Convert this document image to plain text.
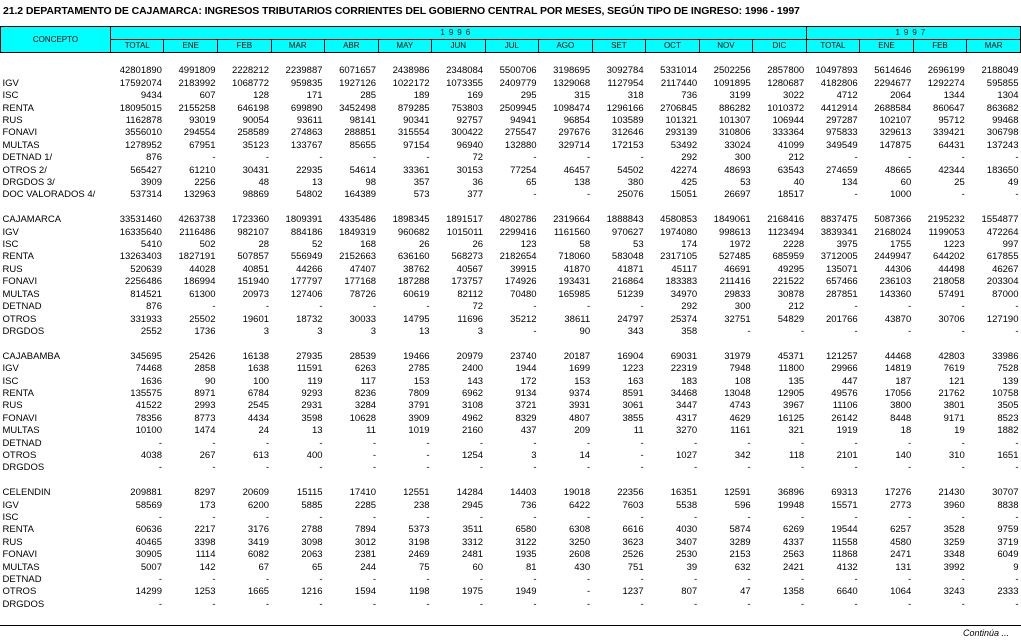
21.2 DEPARTAMENTO DE CAJAMARCA: INGRESOS TRIBUTARIOS CORRIENTES DEL GOBIERNO CENTRAL POR MESES, SEGÚN TIPO DE INGRESO: 1996 - 1997
CONCEPTO	1996													1997			
	TOTAL	ENE	FEB	MAR	ABR	MAY	JUN	JUL	AGO	SET	OCT	NOV	DIC	TOTAL	ENE	FEB	MAR

	42801890	4991809	2228212	2239887	6071657	2438986	2348084	5500706	3198695	3092784	5331014	2502256	2857800	10497893	5614646	2696199	2188049
IGV	17592074	2183992	1068772	959835	1927126	1022172	1073355	2409779	1329068	1127954	2117440	1091895	1280687	4182806	2294677	1292274	595855
ISC	9434	607	128	171	285	189	169	295	315	318	736	3199	3022	4712	2064	1344	1304
RENTA	18095015	2155258	646198	699890	3452498	879285	753803	2509945	1098474	1296166	2706845	886282	1010372	4412914	2688584	860647	863682
RUS	1162878	93019	90054	93611	98141	90341	92757	94941	96854	103589	101321	101307	106944	297287	102107	95712	99468
FONAVI	3556010	294554	258589	274863	288851	315554	300422	275547	297676	312646	293139	310806	333364	975833	329613	339421	306798
MULTAS	1278952	67951	35123	133767	85655	97154	96940	132880	329714	172153	53492	33024	41099	349549	147875	64431	137243
DETNAD 1/	876	-	-	-	-	-	72	-	-	-	292	300	212	-	-	-	-
OTROS 2/	565427	61210	30431	22935	54614	33361	30153	77254	46457	54502	42274	48693	63543	274659	48665	42344	183650
DRGDOS 3/	3909	2256	48	13	98	357	36	65	138	380	425	53	40	134	60	25	49
DOC VALORADOS 4/	537314	132963	98869	54802	164389	573	377	-	-	25076	15051	26697	18517	-	1000	-	-

CAJAMARCA	33531460	4263738	1723360	1809391	4335486	1898345	1891517	4802786	2319664	1888843	4580853	1849061	2168416	8837475	5087366	2195232	1554877
IGV	16335640	2116486	982107	884186	1849319	960682	1015011	2299416	1161560	970627	1974080	998613	1123494	3839341	2168024	1199053	472264
ISC	5410	502	28	52	168	26	26	123	58	53	174	1972	2228	3975	1755	1223	997
RENTA	13263403	1827191	507857	556949	2152663	636160	568273	2182654	718060	583048	2317105	527485	685959	3712005	2449947	644202	617855
RUS	520639	44028	40851	44266	47407	38762	40567	39915	41870	41871	45117	46691	49295	135071	44306	44498	46267
FONAVI	2256486	186994	151940	177797	177168	187288	173757	174926	193431	216864	183383	211416	221522	657466	236103	218058	203304
MULTAS	814521	61300	20973	127406	78726	60619	82112	70480	165985	51239	34970	29833	30878	287851	143360	57491	87000
DETNAD	876	-	-	-	-	-	72	-	-	-	292	300	212	-	-	-	-
OTROS	331933	25502	19601	18732	30033	14795	11696	35212	38611	24797	25374	32751	54829	201766	43870	30706	127190
DRGDOS	2552	1736	3	3	3	13	3	-	90	343	358	-	-	-	-	-	-

CAJABAMBA	345695	25426	16138	27935	28539	19466	20979	23740	20187	16904	69031	31979	45371	121257	44468	42803	33986
IGV	74468	2858	1638	11591	6263	2785	2400	1944	1699	1223	22319	7948	11800	29966	14819	7619	7528
ISC	1636	90	100	119	117	153	143	172	153	163	183	108	135	447	187	121	139
RENTA	135575	8971	6784	9293	8236	7809	6962	9134	9374	8591	34468	13048	12905	49576	17056	21762	10758
RUS	41522	2993	2545	2931	3284	3791	3108	3721	3931	3061	3447	4743	3967	11106	3800	3801	3505
FONAVI	78356	8773	4434	3598	10628	3909	4962	8329	4807	3855	4317	4629	16125	26142	8448	9171	8523
MULTAS	10100	1474	24	13	11	1019	2160	437	209	11	3270	1161	321	1919	18	19	1882
DETNAD	-	-	-	-	-	-	-	-	-	-	-	-	-	-	-	-	-
OTROS	4038	267	613	400	-	-	1254	3	14	-	1027	342	118	2101	140	310	1651
DRGDOS	-	-	-	-	-	-	-	-	-	-	-	-	-	-	-	-	-

CELENDIN	209881	8297	20609	15115	17410	12551	14284	14403	19018	22356	16351	12591	36896	69313	17276	21430	30707
IGV	58569	173	6200	5885	2285	238	2945	736	6422	7603	5538	596	19948	15571	2773	3960	8838
ISC	-	-	-	-	-	-	-	-	-	-	-	-	-	-	-	-	-
RENTA	60636	2217	3176	2788	7894	5373	3511	6580	6308	6616	4030	5874	6269	19544	6257	3528	9759
RUS	40465	3398	3419	3098	3012	3198	3312	3122	3250	3623	3407	3289	4337	11558	4580	3259	3719
FONAVI	30905	1114	6082	2063	2381	2469	2481	1935	2608	2526	2530	2153	2563	11868	2471	3348	6049
MULTAS	5007	142	67	65	244	75	60	81	430	751	39	632	2421	4132	131	3992	9
DETNAD	-	-	-	-	-	-	-	-	-	-	-	-	-	-	-	-	-
OTROS	14299	1253	1665	1216	1594	1198	1975	1949	-	1237	807	47	1358	6640	1064	3243	2333
DRGDOS	-	-	-	-	-	-	-	-	-	-	-	-	-	-	-	-	-
Continúa ...
